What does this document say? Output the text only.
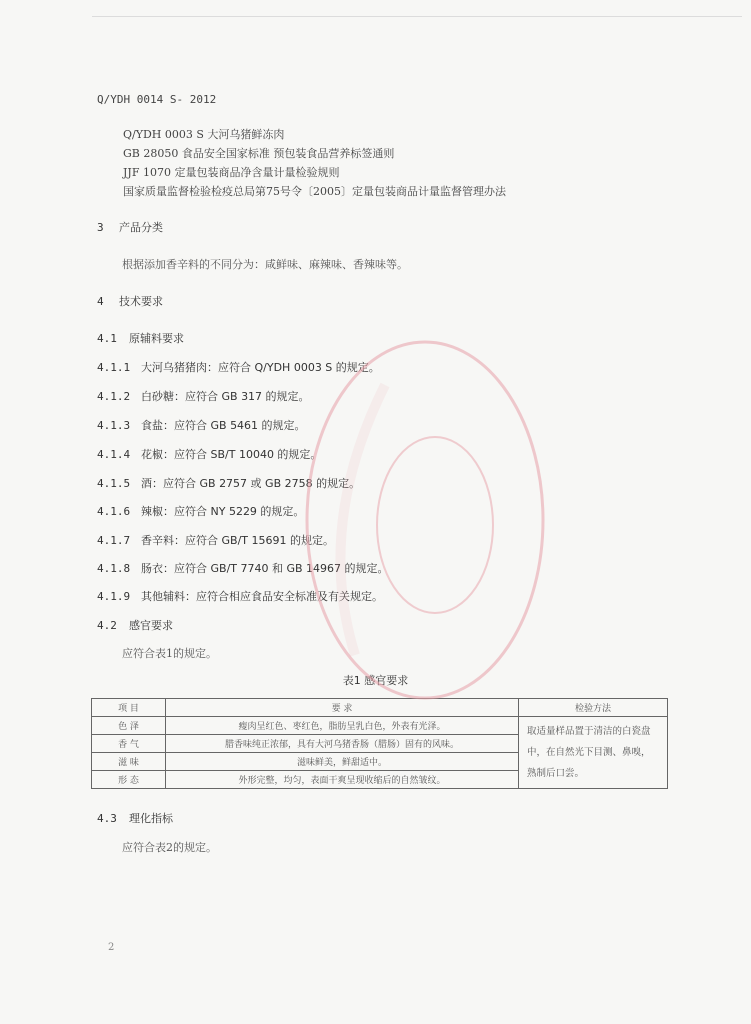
Q/YDH 0014 S- 2012
Q/YDH 0003 S 大河乌猪鲜冻肉
GB 28050 食品安全国家标准 预包装食品营养标签通则
JJF 1070 定量包装商品净含量计量检验规则
国家质量监督检验检疫总局第75号令〔2005〕定量包装商品计量监督管理办法
3 产品分类
根据添加香辛料的不同分为：咸鲜味、麻辣味、香辣味等。
4 技术要求
4.1 原辅料要求
4.1.1 大河乌猪猪肉：应符合 Q/YDH 0003 S 的规定。
4.1.2 白砂糖：应符合 GB 317 的规定。
4.1.3 食盐：应符合 GB 5461 的规定。
4.1.4 花椒：应符合 SB/T 10040 的规定。
4.1.5 酒：应符合 GB 2757 或 GB 2758 的规定。
4.1.6 辣椒：应符合 NY 5229 的规定。
4.1.7 香辛料：应符合 GB/T 15691 的规定。
4.1.8 肠衣：应符合 GB/T 7740 和 GB 14967 的规定。
4.1.9 其他辅料：应符合相应食品安全标准及有关规定。
4.2 感官要求
应符合表1的规定。
表1 感官要求
项 目	要 求	检验方法
色 泽	瘦肉呈红色、枣红色，脂肪呈乳白色，外表有光泽。	取适量样品置于清洁的白瓷盘中，在自然光下目测、鼻嗅，熟制后口尝。
香 气	腊香味纯正浓郁，具有大河乌猪香肠（腊肠）固有的风味。	
滋 味	滋味鲜美，鲜甜适中。	
形 态	外形完整，均匀，表面干爽呈现收缩后的自然皱纹。	
4.3 理化指标
应符合表2的规定。
2
